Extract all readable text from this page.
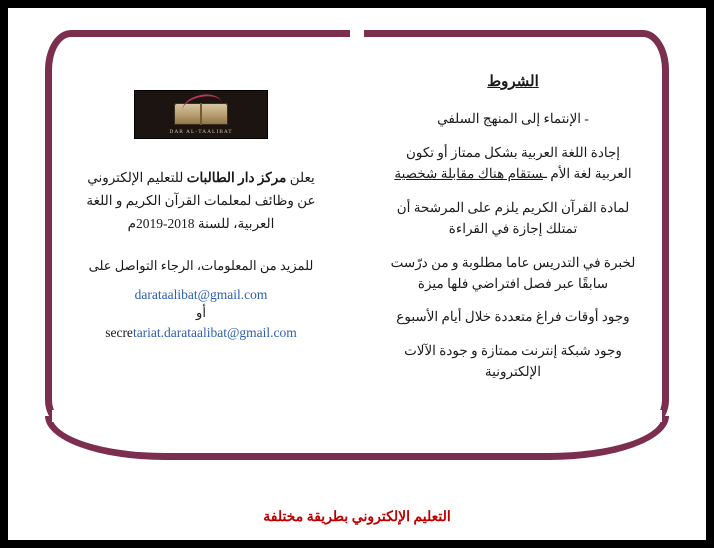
الشروط

- الإنتماء إلى المنهج السلفي

إجادة اللغة العربية بشكل ممتاز أو تكون العربية لغة الأم ـستقام هناك مقابلة شخصية

لمادة القرآن الكريم يلزم على المرشحة أن تمتلك إجازة في القراءة

لخبرة في التدريس عاما مطلوبة و من درّست سابقًا عبر فصل افتراضي فلها ميزة

وجود أوقات فراغ متعددة خلال أيام الأسبوع

وجود شبكة إنترنت ممتازة و جودة الآلات الإلكترونية

DAR AL-TAALIBAT

يعلن مركز دار الطالبات للتعليم الإلكتروني عن وظائف لمعلمات القرآن الكريم و اللغة العربية، للسنة 2018-2019م

للمزيد من المعلومات، الرجاء التواصل على

darataalibat@gmail.com

أو

secretariat.darataalibat@gmail.com

التعليم الإلكتروني بطريقة مختلفة
